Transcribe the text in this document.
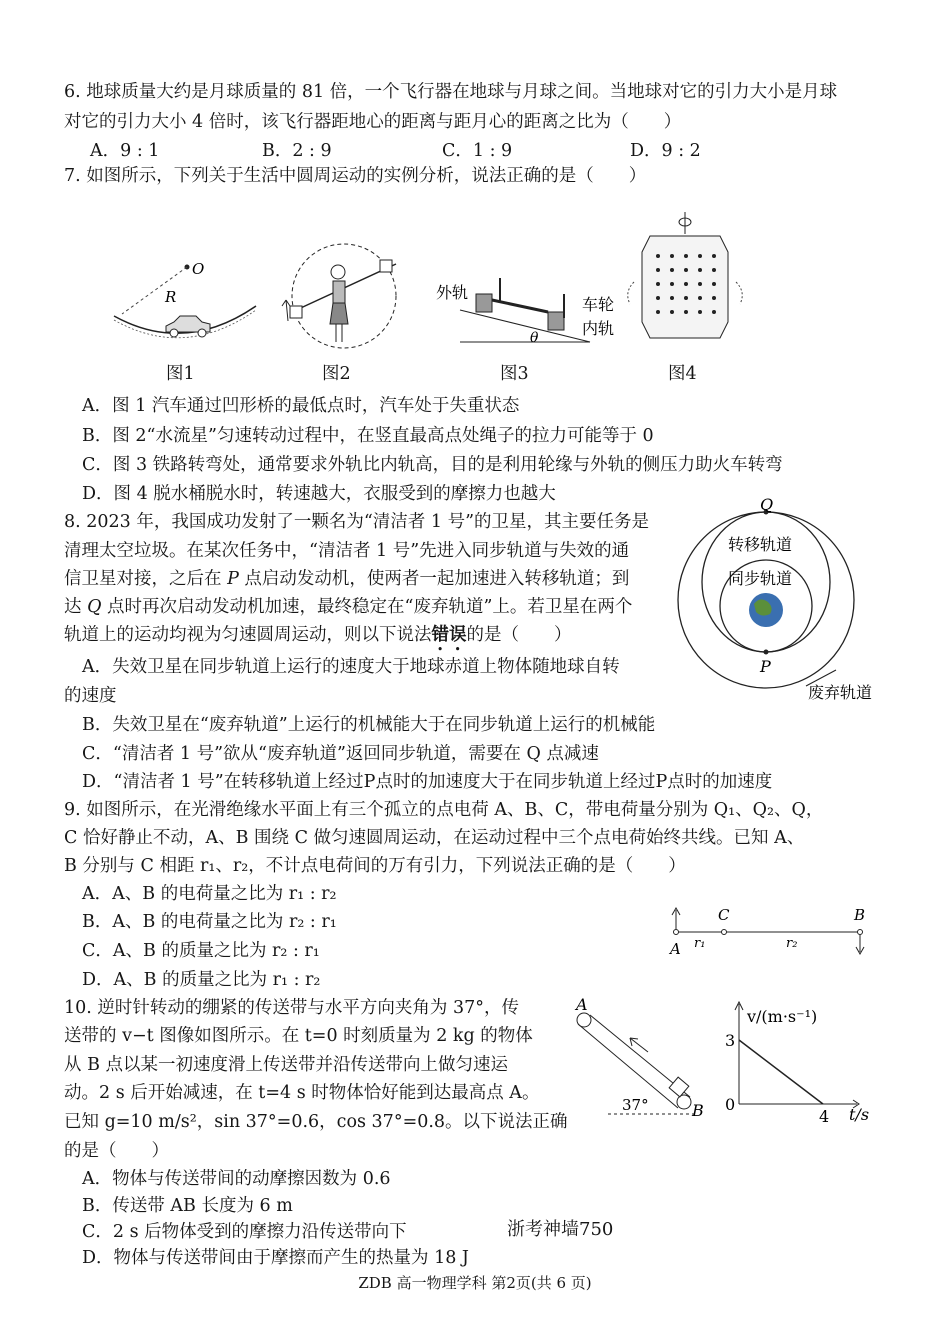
6. 地球质量大约是月球质量的 81 倍，一个飞行器在地球与月球之间。当地球对它的引力大小是月球
对它的引力大小 4 倍时，该飞行器距地心的距离与距月心的距离之比为（　　）
A．9 : 1	B．2 : 9	C．1 : 9	D．9 : 2
7. 如图所示，下列关于生活中圆周运动的实例分析，说法正确的是（　　）
O
R	外轨
车轮
内轨
θ
图1	图2	图3	图4
A．图 1 汽车通过凹形桥的最低点时，汽车处于失重状态
B．图 2“水流星”匀速转动过程中，在竖直最高点处绳子的拉力可能等于 0
C．图 3 铁路转弯处，通常要求外轨比内轨高，目的是利用轮缘与外轨的侧压力助火车转弯
D．图 4 脱水桶脱水时，转速越大，衣服受到的摩擦力也越大
8. 2023 年，我国成功发射了一颗名为“清洁者 1 号”的卫星，其主要任务是
清理太空垃圾。在某次任务中，“清洁者 1 号”先进入同步轨道与失效的通
信卫星对接，之后在 P 点启动发动机，使两者一起加速进入转移轨道；到
达 Q 点时再次启动发动机加速，最终稳定在“废弃轨道”上。若卫星在两个
轨道上的运动均视为匀速圆周运动，则以下说法错误的是（　　）
A．失效卫星在同步轨道上运行的速度大于地球赤道上物体随地球自转
的速度
B．失效卫星在“废弃轨道”上运行的机械能大于在同步轨道上运行的机械能
C．“清洁者 1 号”欲从“废弃轨道”返回同步轨道，需要在 Q 点减速
D．“清洁者 1 号”在转移轨道上经过P点时的加速度大于在同步轨道上经过P点时的加速度
Q
P
转移轨道
同步轨道
废弃轨道
9. 如图所示，在光滑绝缘水平面上有三个孤立的点电荷 A、B、C，带电荷量分别为 Q₁、Q₂、Q，
C 恰好静止不动，A、B 围绕 C 做匀速圆周运动，在运动过程中三个点电荷始终共线。已知 A、
B 分别与 C 相距 r₁、r₂，不计点电荷间的万有引力，下列说法正确的是（　　）
A．A、B 的电荷量之比为 r₁ : r₂
B．A、B 的电荷量之比为 r₂ : r₁
C．A、B 的质量之比为 r₂ : r₁
D．A、B 的质量之比为 r₁ : r₂
A
C	B
r₁	r₂
10. 逆时针转动的绷紧的传送带与水平方向夹角为 37°，传
送带的 v−t 图像如图所示。在 t=0 时刻质量为 2 kg 的物体
从 B 点以某一初速度滑上传送带并沿传送带向上做匀速运
动。2 s 后开始减速，在 t=4 s 时物体恰好能到达最高点 A。
已知 g=10 m/s²，sin 37°=0.6，cos 37°=0.8。以下说法正确
的是（　　）
A．物体与传送带间的动摩擦因数为 0.6
B．传送带 AB 长度为 6 m
C．2 s 后物体受到的摩擦力沿传送带向下
D．物体与传送带间由于摩擦而产生的热量为 18 J
A
B
37°
v/(m·s⁻¹)
t/s
0
3
4
浙考神墙750
ZDB 高一物理学科 第2页(共 6 页)
